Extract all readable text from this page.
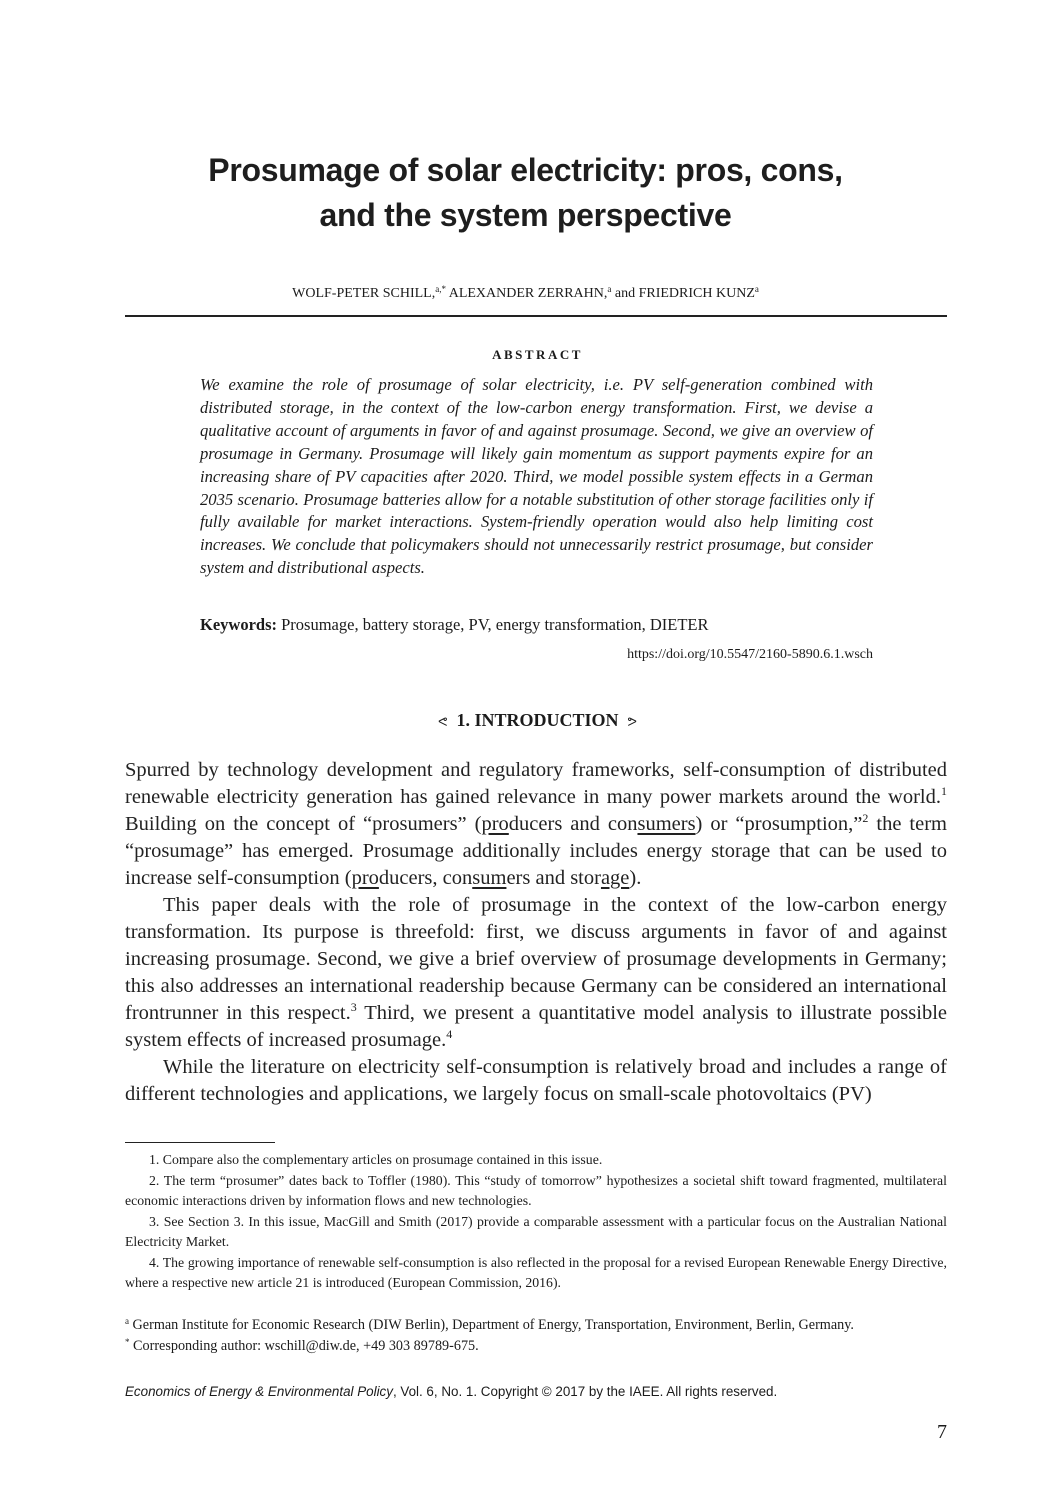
Prosumage of solar electricity: pros, cons,
and the system perspective
WOLF-PETER SCHILL,$^{a,*}$ ALEXANDER ZERRAHN,$^a$ and FRIEDRICH KUNZ$^a$
ABSTRACT
We examine the role of prosumage of solar electricity, i.e. PV self-generation combined with distributed storage, in the context of the low-carbon energy transformation. First, we devise a qualitative account of arguments in favor of and against prosumage. Second, we give an overview of prosumage in Germany. Prosumage will likely gain momentum as support payments expire for an increasing share of PV capacities after 2020. Third, we model possible system effects in a German 2035 scenario. Prosumage batteries allow for a notable substitution of other storage facilities only if fully available for market interactions. System-friendly operation would also help limiting cost increases. We conclude that policymakers should not unnecessarily restrict prosumage, but consider system and distributional aspects.
Keywords: Prosumage, battery storage, PV, energy transformation, DIETER
https://doi.org/10.5547/2160-5890.6.1.wsch
ᕙ 1. INTRODUCTION ᕗ

Spurred by technology development and regulatory frameworks, self-consumption of distributed renewable electricity generation has gained relevance in many power markets around the world.$^1$ Building on the concept of “prosumers” (producers and consumers) or “prosumption,”$^2$ the term “prosumage” has emerged. Prosumage additionally includes energy storage that can be used to increase self-consumption (producers, consumers and storage).

This paper deals with the role of prosumage in the context of the low-carbon energy transformation. Its purpose is threefold: first, we discuss arguments in favor of and against increasing prosumage. Second, we give a brief overview of prosumage developments in Germany; this also addresses an international readership because Germany can be considered an international frontrunner in this respect.$^3$ Third, we present a quantitative model analysis to illustrate possible system effects of increased prosumage.$^4$

While the literature on electricity self-consumption is relatively broad and includes a range of different technologies and applications, we largely focus on small-scale photovoltaics (PV)

1. Compare also the complementary articles on prosumage contained in this issue.

2. The term “prosumer” dates back to Toffler (1980). This “study of tomorrow” hypothesizes a societal shift toward fragmented, multilateral economic interactions driven by information flows and new technologies.

3. See Section 3. In this issue, MacGill and Smith (2017) provide a comparable assessment with a particular focus on the Australian National Electricity Market.

4. The growing importance of renewable self-consumption is also reflected in the proposal for a revised European Renewable Energy Directive, where a respective new article 21 is introduced (European Commission, 2016).

$^a$ German Institute for Economic Research (DIW Berlin), Department of Energy, Transportation, Environment, Berlin, Germany.

* Corresponding author: wschill@diw.de, +49 303 89789-675.

Economics of Energy & Environmental Policy, Vol. 6, No. 1. Copyright © 2017 by the IAEE. All rights reserved.
7
